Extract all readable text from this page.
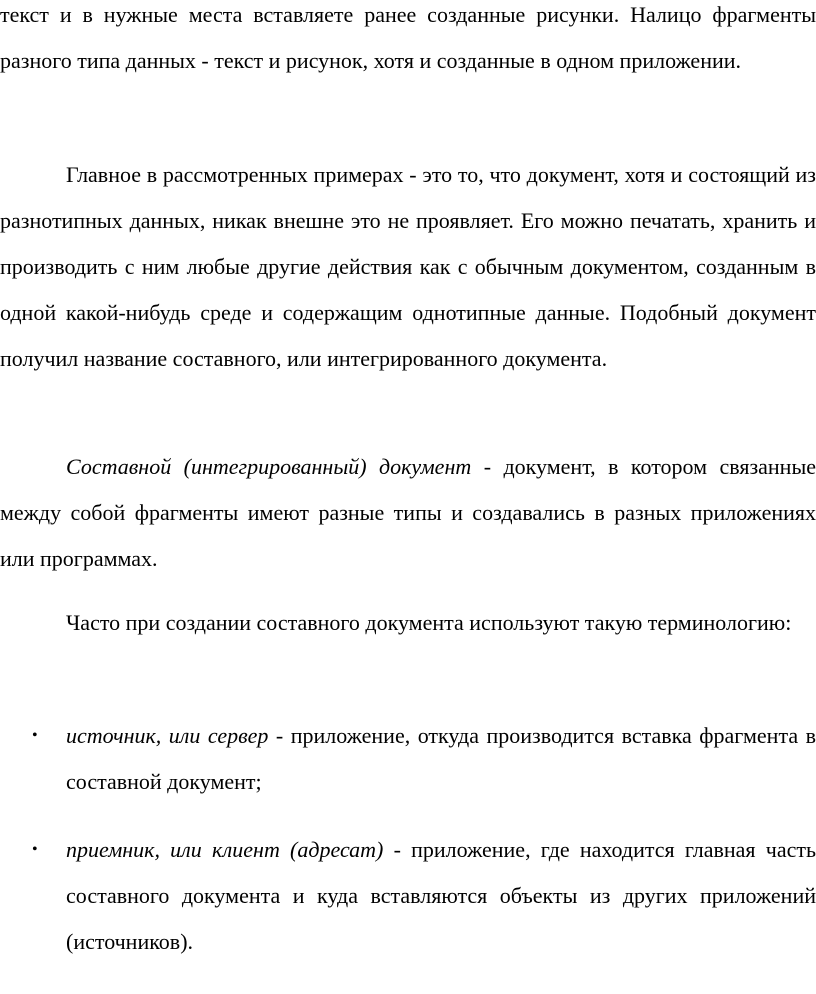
текст и в нужные места вставляете ранее созданные рисунки. Налицо фрагменты разного типа данных - текст и рисунок, хотя и созданные в одном приложении.

Главное в рассмотренных примерах - это то, что документ, хотя и состоящий из разнотипных данных, никак внешне это не проявляет. Его можно печатать, хранить и производить с ним любые другие действия как с обычным документом, созданным в одной какой-нибудь среде и содержащим однотипные данные. Подобный документ получил название составного, или интегрированного документа.

Составной (интегрированный) документ - документ, в котором связанные между собой фрагменты имеют разные типы и создавались в разных приложениях или программах.

Часто при создании составного документа используют такую терминологию:

• источник, или сервер - приложение, откуда производится вставка фрагмента в составной документ;

• приемник, или клиент (адресат) - приложение, где находится главная часть составного документа и куда вставляются объекты из других приложений (источников).
